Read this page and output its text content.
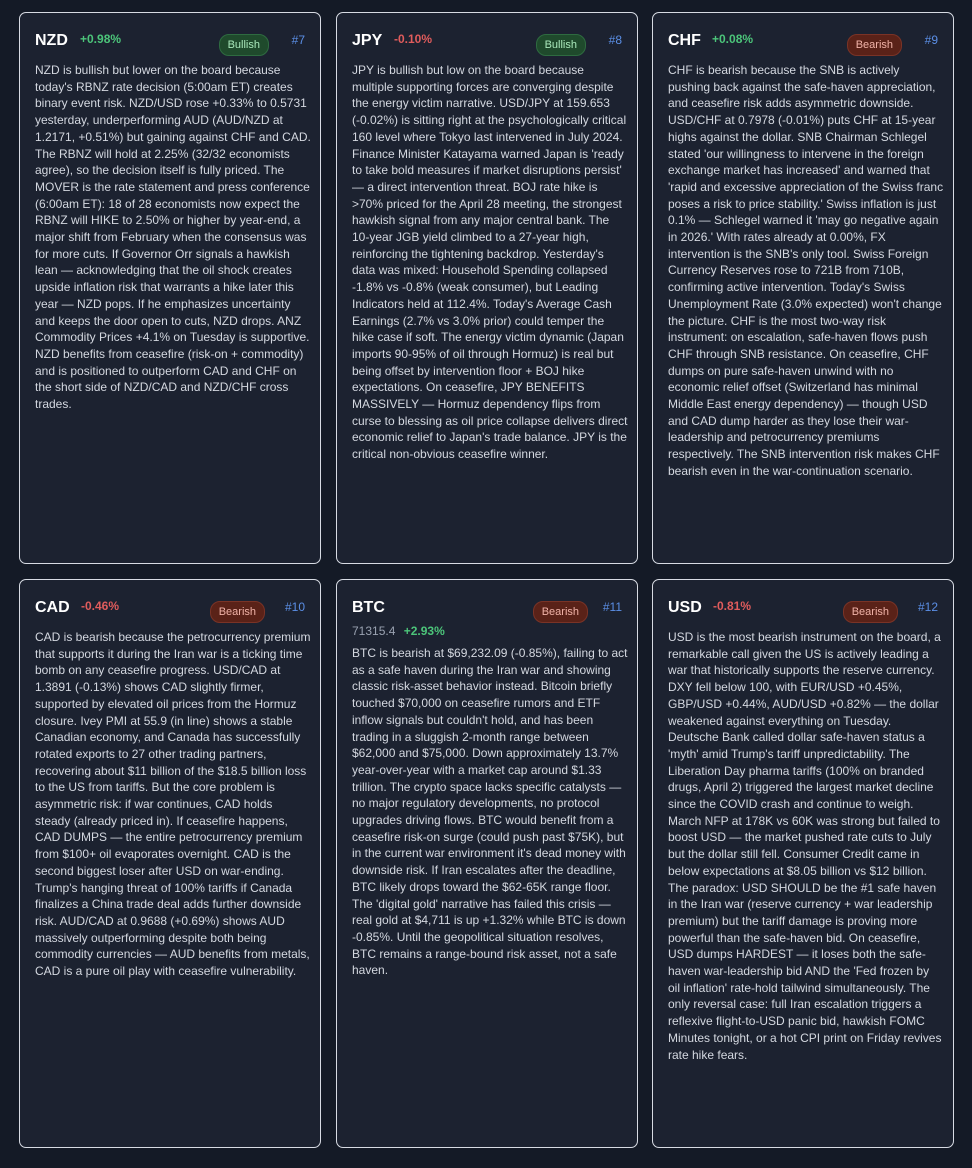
NZD +0.98%	Bullish	#7
NZD is bullish but lower on the board because today's RBNZ rate decision (5:00am ET) creates binary event risk. NZD/USD rose +0.33% to 0.5731 yesterday, underperforming AUD (AUD/NZD at 1.2171, +0.51%) but gaining against CHF and CAD. The RBNZ will hold at 2.25% (32/32 economists agree), so the decision itself is fully priced. The MOVER is the rate statement and press conference (6:00am ET): 18 of 28 economists now expect the RBNZ will HIKE to 2.50% or higher by year-end, a major shift from February when the consensus was for more cuts. If Governor Orr signals a hawkish lean — acknowledging that the oil shock creates upside inflation risk that warrants a hike later this year — NZD pops. If he emphasizes uncertainty and keeps the door open to cuts, NZD drops. ANZ Commodity Prices +4.1% on Tuesday is supportive. NZD benefits from ceasefire (risk-on + commodity) and is positioned to outperform CAD and CHF on the short side of NZD/CAD and NZD/CHF cross trades.
JPY -0.10%	Bullish	#8
JPY is bullish but low on the board because multiple supporting forces are converging despite the energy victim narrative. USD/JPY at 159.653 (-0.02%) is sitting right at the psychologically critical 160 level where Tokyo last intervened in July 2024. Finance Minister Katayama warned Japan is 'ready to take bold measures if market disruptions persist' — a direct intervention threat. BOJ rate hike is >70% priced for the April 28 meeting, the strongest hawkish signal from any major central bank. The 10-year JGB yield climbed to a 27-year high, reinforcing the tightening backdrop. Yesterday's data was mixed: Household Spending collapsed -1.8% vs -0.8% (weak consumer), but Leading Indicators held at 112.4%. Today's Average Cash Earnings (2.7% vs 3.0% prior) could temper the hike case if soft. The energy victim dynamic (Japan imports 90-95% of oil through Hormuz) is real but being offset by intervention floor + BOJ hike expectations. On ceasefire, JPY BENEFITS MASSIVELY — Hormuz dependency flips from curse to blessing as oil price collapse delivers direct economic relief to Japan's trade balance. JPY is the critical non-obvious ceasefire winner.
CHF +0.08%	Bearish	#9
CHF is bearish because the SNB is actively pushing back against the safe-haven appreciation, and ceasefire risk adds asymmetric downside. USD/CHF at 0.7978 (-0.01%) puts CHF at 15-year highs against the dollar. SNB Chairman Schlegel stated 'our willingness to intervene in the foreign exchange market has increased' and warned that 'rapid and excessive appreciation of the Swiss franc poses a risk to price stability.' Swiss inflation is just 0.1% — Schlegel warned it 'may go negative again in 2026.' With rates already at 0.00%, FX intervention is the SNB's only tool. Swiss Foreign Currency Reserves rose to 721B from 710B, confirming active intervention. Today's Swiss Unemployment Rate (3.0% expected) won't change the picture. CHF is the most two-way risk instrument: on escalation, safe-haven flows push CHF through SNB resistance. On ceasefire, CHF dumps on pure safe-haven unwind with no economic relief offset (Switzerland has minimal Middle East energy dependency) — though USD and CAD dump harder as they lose their war-leadership and petrocurrency premiums respectively. The SNB intervention risk makes CHF bearish even in the war-continuation scenario.
CAD -0.46%	Bearish	#10
CAD is bearish because the petrocurrency premium that supports it during the Iran war is a ticking time bomb on any ceasefire progress. USD/CAD at 1.3891 (-0.13%) shows CAD slightly firmer, supported by elevated oil prices from the Hormuz closure. Ivey PMI at 55.9 (in line) shows a stable Canadian economy, and Canada has successfully rotated exports to 27 other trading partners, recovering about $11 billion of the $18.5 billion loss to the US from tariffs. But the core problem is asymmetric risk: if war continues, CAD holds steady (already priced in). If ceasefire happens, CAD DUMPS — the entire petrocurrency premium from $100+ oil evaporates overnight. CAD is the second biggest loser after USD on war-ending. Trump's hanging threat of 100% tariffs if Canada finalizes a China trade deal adds further downside risk. AUD/CAD at 0.9688 (+0.69%) shows AUD massively outperforming despite both being commodity currencies — AUD benefits from metals, CAD is a pure oil play with ceasefire vulnerability.
BTC	Bearish	#11
71315.4 +2.93%
BTC is bearish at $69,232.09 (-0.85%), failing to act as a safe haven during the Iran war and showing classic risk-asset behavior instead. Bitcoin briefly touched $70,000 on ceasefire rumors and ETF inflow signals but couldn't hold, and has been trading in a sluggish 2-month range between $62,000 and $75,000. Down approximately 13.7% year-over-year with a market cap around $1.33 trillion. The crypto space lacks specific catalysts — no major regulatory developments, no protocol upgrades driving flows. BTC would benefit from a ceasefire risk-on surge (could push past $75K), but in the current war environment it's dead money with downside risk. If Iran escalates after the deadline, BTC likely drops toward the $62-65K range floor. The 'digital gold' narrative has failed this crisis — real gold at $4,711 is up +1.32% while BTC is down -0.85%. Until the geopolitical situation resolves, BTC remains a range-bound risk asset, not a safe haven.
USD -0.81%	Bearish	#12
USD is the most bearish instrument on the board, a remarkable call given the US is actively leading a war that historically supports the reserve currency. DXY fell below 100, with EUR/USD +0.45%, GBP/USD +0.44%, AUD/USD +0.82% — the dollar weakened against everything on Tuesday. Deutsche Bank called dollar safe-haven status a 'myth' amid Trump's tariff unpredictability. The Liberation Day pharma tariffs (100% on branded drugs, April 2) triggered the largest market decline since the COVID crash and continue to weigh. March NFP at 178K vs 60K was strong but failed to boost USD — the market pushed rate cuts to July but the dollar still fell. Consumer Credit came in below expectations at $8.05 billion vs $12 billion. The paradox: USD SHOULD be the #1 safe haven in the Iran war (reserve currency + war leadership premium) but the tariff damage is proving more powerful than the safe-haven bid. On ceasefire, USD dumps HARDEST — it loses both the safe-haven war-leadership bid AND the 'Fed frozen by oil inflation' rate-hold tailwind simultaneously. The only reversal case: full Iran escalation triggers a reflexive flight-to-USD panic bid, hawkish FOMC Minutes tonight, or a hot CPI print on Friday revives rate hike fears.
